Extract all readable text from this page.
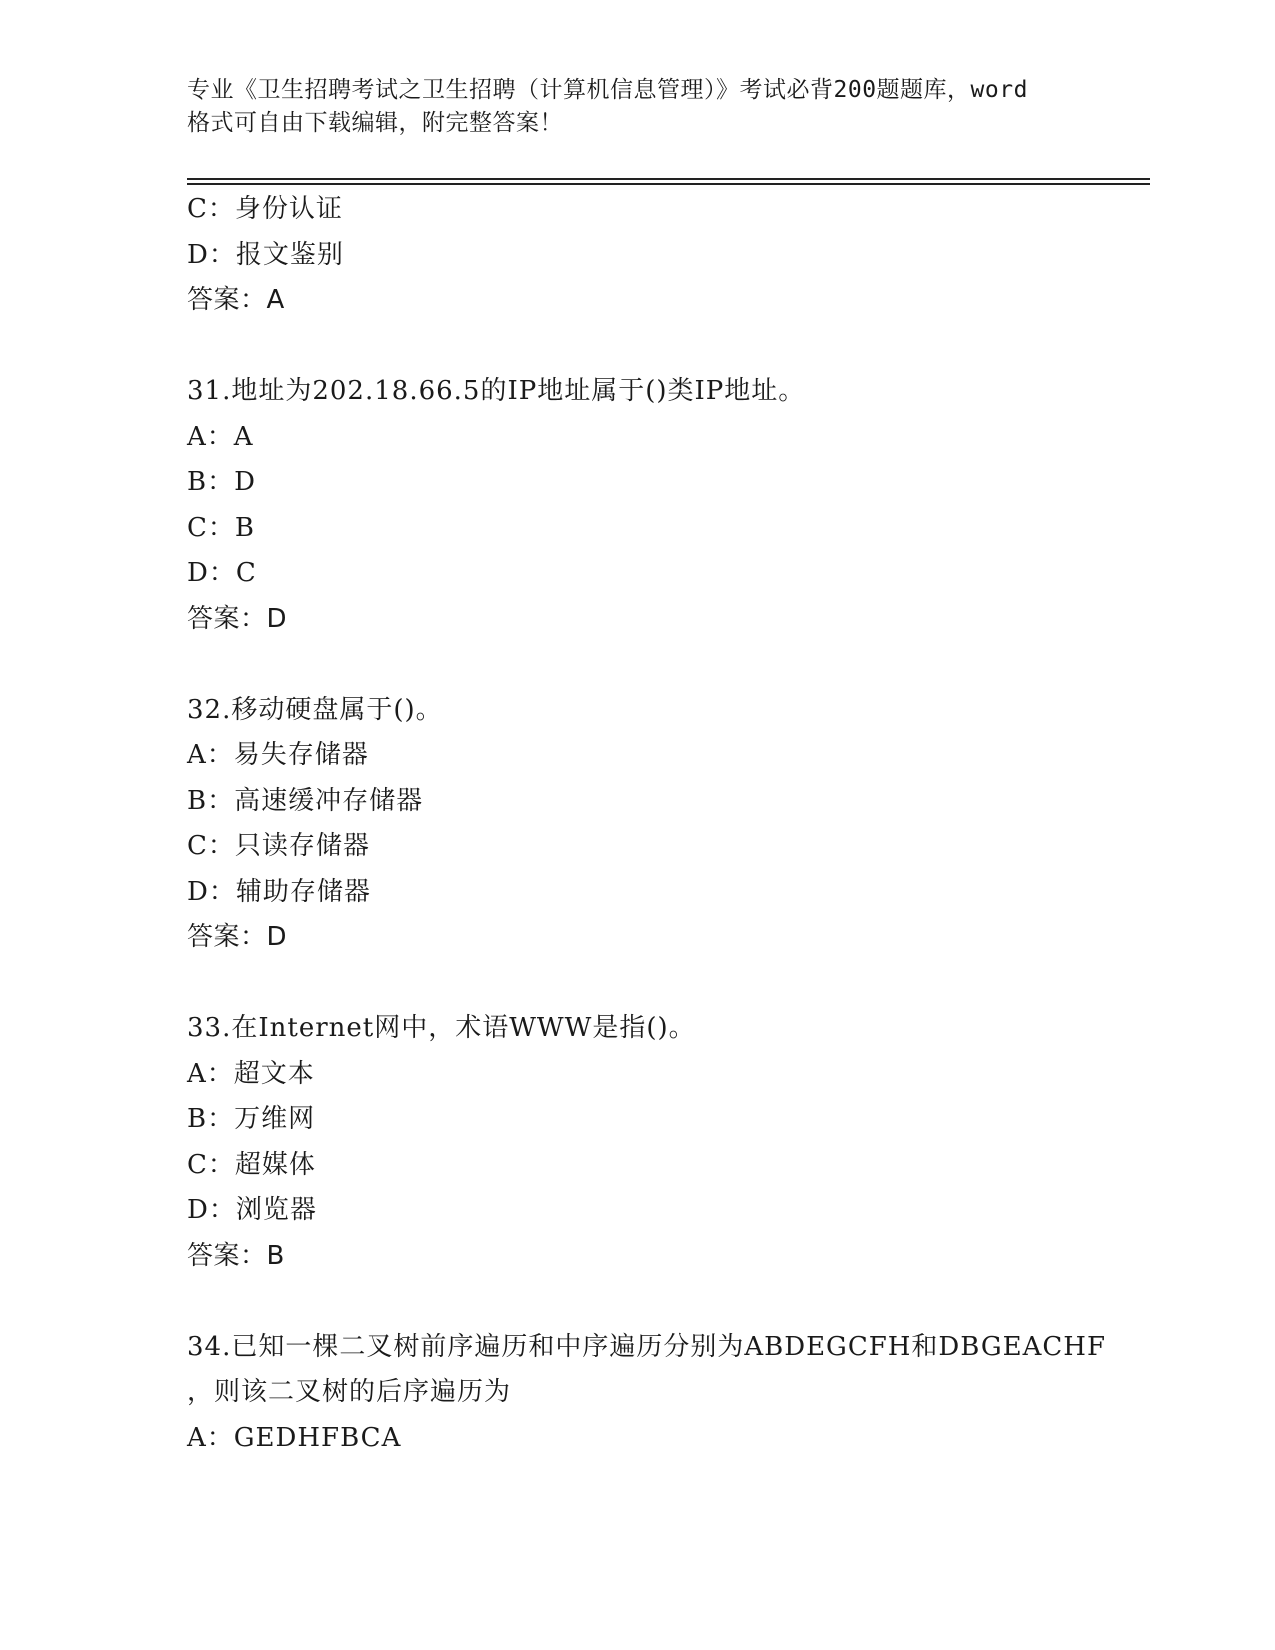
专业《卫生招聘考试之卫生招聘（计算机信息管理）》考试必背200题题库，word
格式可自由下载编辑，附完整答案！
C：身份认证
D：报文鉴别
答案：A
31.地址为202.18.66.5的IP地址属于()类IP地址。
A：A
B：D
C：B
D：C
答案：D
32.移动硬盘属于()。
A：易失存储器
B：高速缓冲存储器
C：只读存储器
D：辅助存储器
答案：D
33.在Internet网中，术语WWW是指()。
A：超文本
B：万维网
C：超媒体
D：浏览器
答案：B
34.已知一棵二叉树前序遍历和中序遍历分别为ABDEGCFH和DBGEACHF
，则该二叉树的后序遍历为
A：GEDHFBCA
